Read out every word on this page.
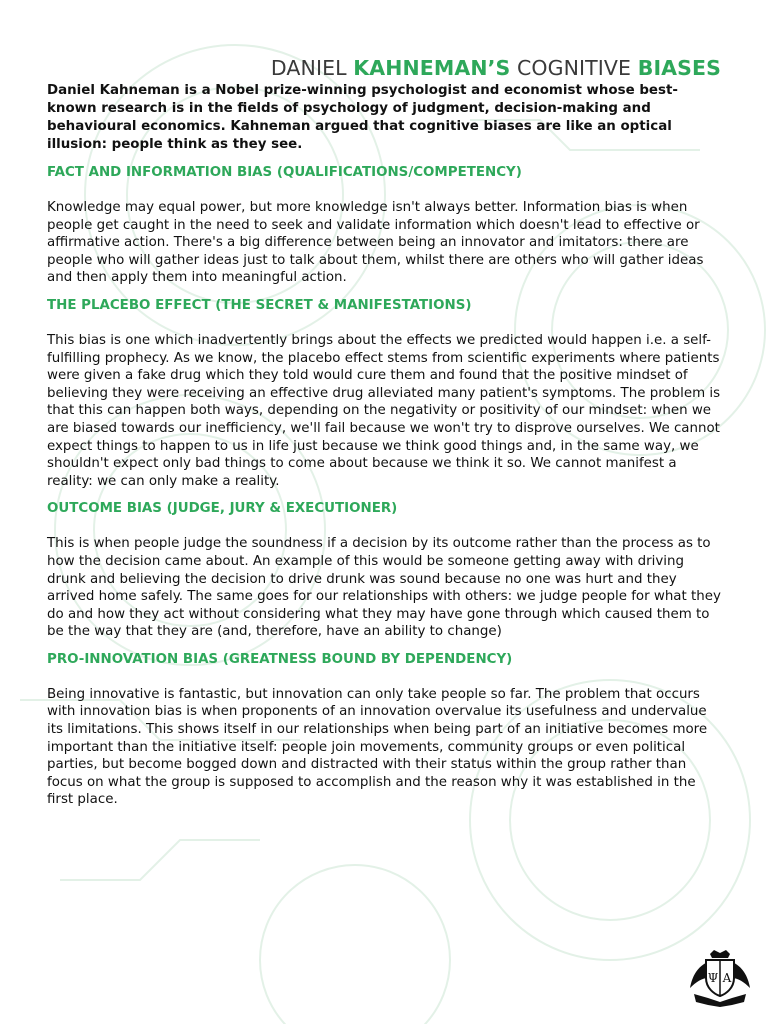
DANIEL KAHNEMAN’S COGNITIVE BIASES

Daniel Kahneman is a Nobel prize-winning psychologist and economist whose best-known research is in the fields of psychology of judgment, decision-making and behavioural economics. Kahneman argued that cognitive biases are like an optical illusion: people think as they see.

FACT AND INFORMATION BIAS (QUALIFICATIONS/COMPETENCY)

Knowledge may equal power, but more knowledge isn't always better. Information bias is when people get caught in the need to seek and validate information which doesn't lead to effective or affirmative action. There's a big difference between being an innovator and imitators: there are people who will gather ideas just to talk about them, whilst there are others who will gather ideas and then apply them into meaningful action.

THE PLACEBO EFFECT (THE SECRET & MANIFESTATIONS)

This bias is one which inadvertently brings about the effects we predicted would happen i.e. a self-fulfilling prophecy. As we know, the placebo effect stems from scientific experiments where patients were given a fake drug which they told would cure them and found that the positive mindset of believing they were receiving an effective drug alleviated many patient's symptoms. The problem is that this can happen both ways, depending on the negativity or positivity of our mindset: when we are biased towards our inefficiency, we'll fail because we won't try to disprove ourselves. We cannot expect things to happen to us in life just because we think good things and, in the same way, we shouldn't expect only bad things to come about because we think it so. We cannot manifest a reality: we can only make a reality.

OUTCOME BIAS (JUDGE, JURY & EXECUTIONER)

This is when people judge the soundness if a decision by its outcome rather than the process as to how the decision came about. An example of this would be someone getting away with driving drunk and believing the decision to drive drunk was sound because no one was hurt and they arrived home safely. The same goes for our relationships with others: we judge people for what they do and how they act without considering what they may have gone through which caused them to be the way that they are (and, therefore, have an ability to change)

PRO-INNOVATION BIAS (GREATNESS BOUND BY DEPENDENCY)

Being innovative is fantastic, but innovation can only take people so far. The problem that occurs with innovation bias is when proponents of an innovation overvalue its usefulness and undervalue its limitations. This shows itself in our relationships when being part of an initiative becomes more important than the initiative itself: people join movements, community groups or even political parties, but become bogged down and distracted with their status within the group rather than focus on what the group is supposed to accomplish and the reason why it was established in the first place.

Ψ A
